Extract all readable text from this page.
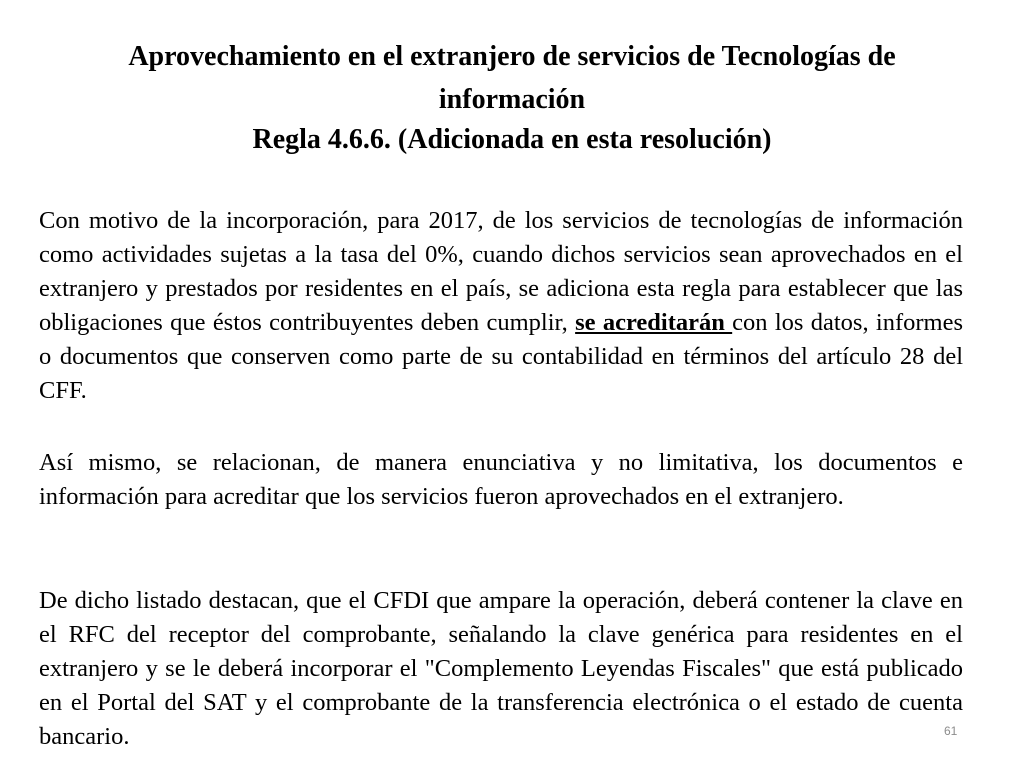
Aprovechamiento en el extranjero de servicios de Tecnologías de
información
Regla 4.6.6. (Adicionada en esta resolución)

Con motivo de la incorporación, para 2017, de los servicios de tecnologías de información como actividades sujetas a la tasa del 0%, cuando dichos servicios sean aprovechados en el extranjero y prestados por residentes en el país, se adiciona esta regla para establecer que las obligaciones que éstos contribuyentes deben cumplir, se acreditarán con los datos, informes o documentos que conserven como parte de su contabilidad en términos del artículo 28 del CFF.

Así mismo, se relacionan, de manera enunciativa y no limitativa, los documentos e información para acreditar que los servicios fueron aprovechados en el extranjero.

De dicho listado destacan, que el CFDI que ampare la operación, deberá contener la clave en el RFC del receptor del comprobante, señalando la clave genérica para residentes en el extranjero y se le deberá incorporar el "Complemento Leyendas Fiscales" que está publicado en el Portal del SAT y el comprobante de la transferencia electrónica o el estado de cuenta bancario.	61
